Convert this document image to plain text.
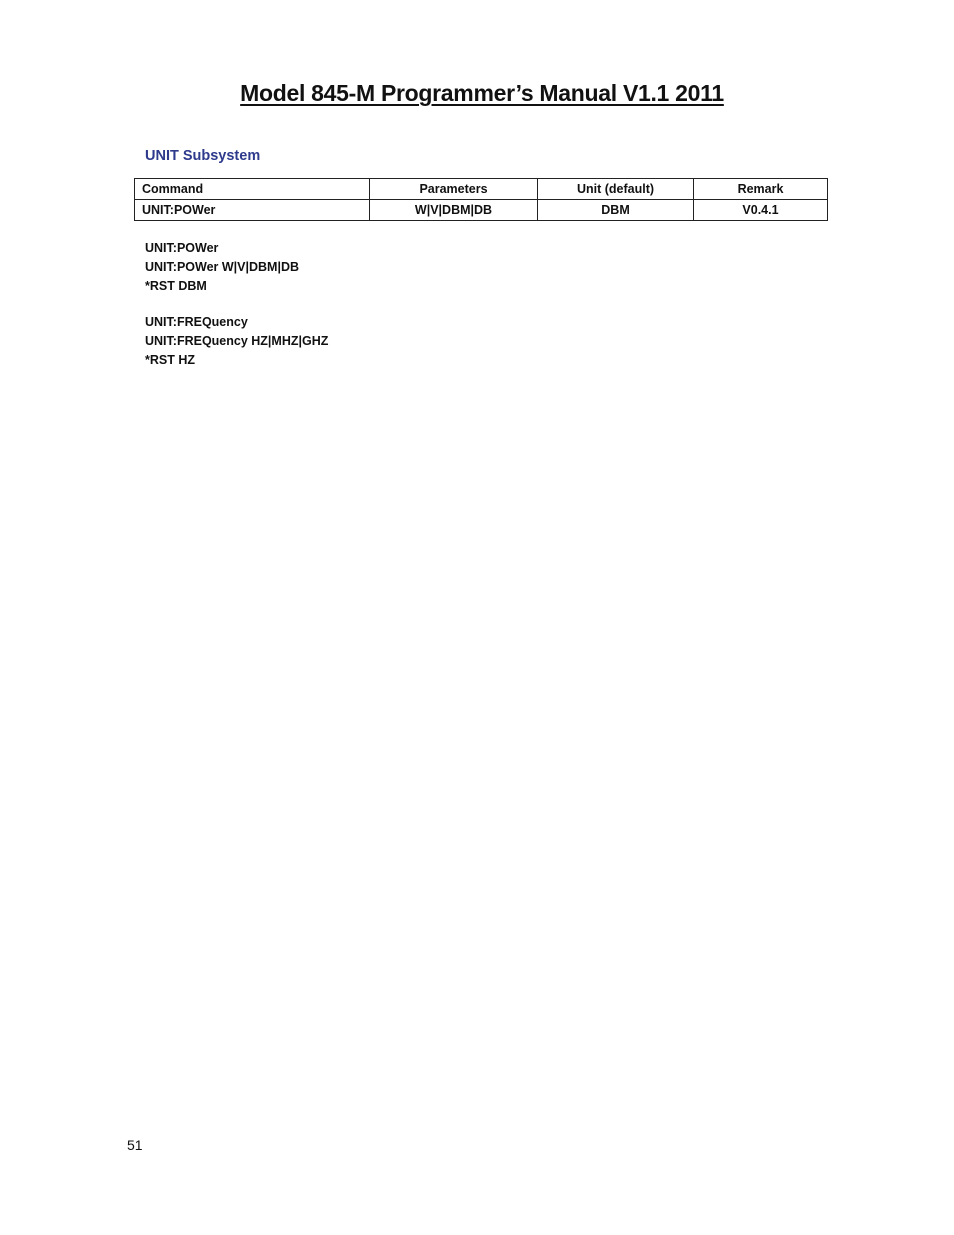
Model 845-M Programmer’s Manual V1.1 2011
UNIT Subsystem
Command	Parameters	Unit (default)	Remark
UNIT:POWer	W|V|DBM|DB	DBM	V0.4.1
UNIT:POWer
UNIT:POWer W|V|DBM|DB
*RST DBM
UNIT:FREQuency
UNIT:FREQuency HZ|MHZ|GHZ
*RST HZ
51
